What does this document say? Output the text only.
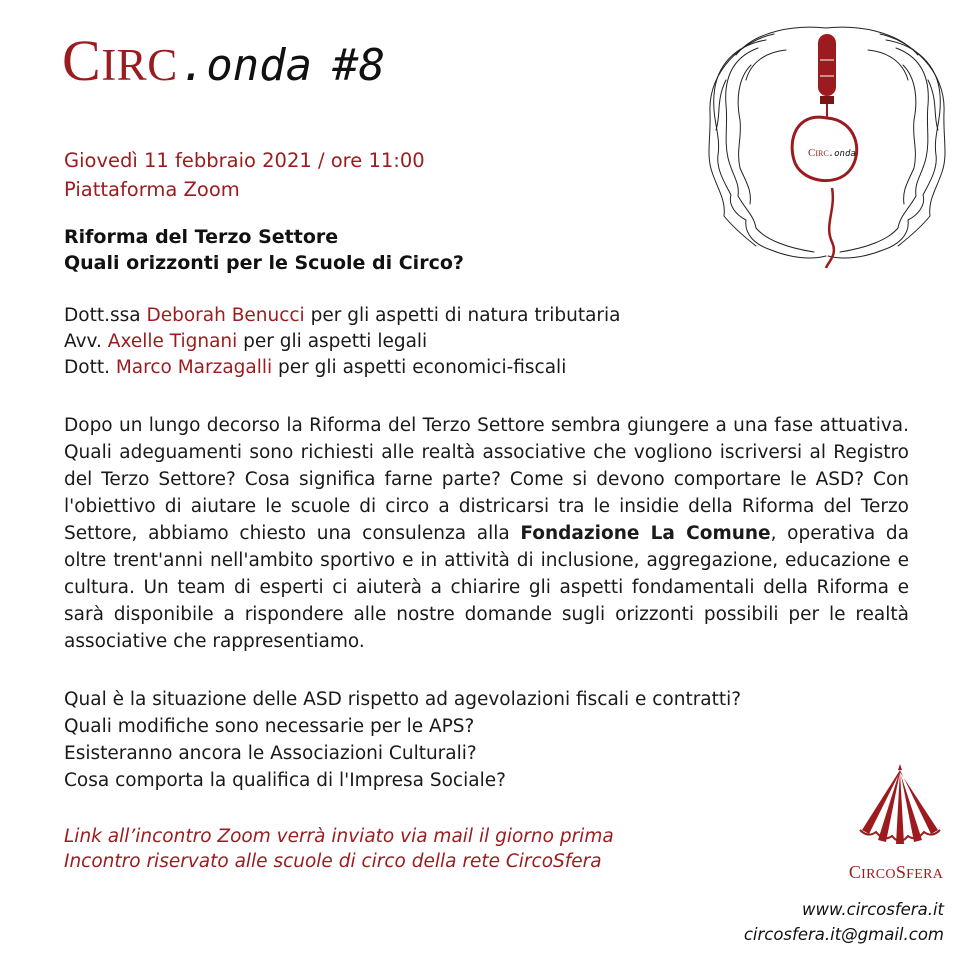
CIRC.onda #8
Giovedì 11 febbraio 2021 / ore 11:00
Piattaforma Zoom
Riforma del Terzo Settore
Quali orizzonti per le Scuole di Circo?
Dott.ssa Deborah Benucci per gli aspetti di natura tributaria
Avv. Axelle Tignani per gli aspetti legali
Dott. Marco Marzagalli per gli aspetti economici-fiscali
Dopo un lungo decorso la Riforma del Terzo Settore sembra giungere a una fase attuativa. Quali adeguamenti sono richiesti alle realtà associative che vogliono iscriversi al Registro del Terzo Settore? Cosa significa farne parte? Come si devono comportare le ASD? Con l'obiettivo di aiutare le scuole di circo a districarsi tra le insidie della Riforma del Terzo Settore, abbiamo chiesto una consulenza alla Fondazione La Comune, operativa da oltre trent'anni nell'ambito sportivo e in attività di inclusione, aggregazione, educazione e cultura. Un team di esperti ci aiuterà a chiarire gli aspetti fondamentali della Riforma e sarà disponibile a rispondere alle nostre domande sugli orizzonti possibili per le realtà associative che rappresentiamo.
Qual è la situazione delle ASD rispetto ad agevolazioni fiscali e contratti?
Quali modifiche sono necessarie per le APS?
Esisteranno ancora le Associazioni Culturali?
Cosa comporta la qualifica di l'Impresa Sociale?
Link all’incontro Zoom verrà inviato via mail il giorno prima
Incontro riservato alle scuole di circo della rete CircoSfera
CIRC.onda
CIRCOSFERA
www.circosfera.it
circosfera.it@gmail.com
